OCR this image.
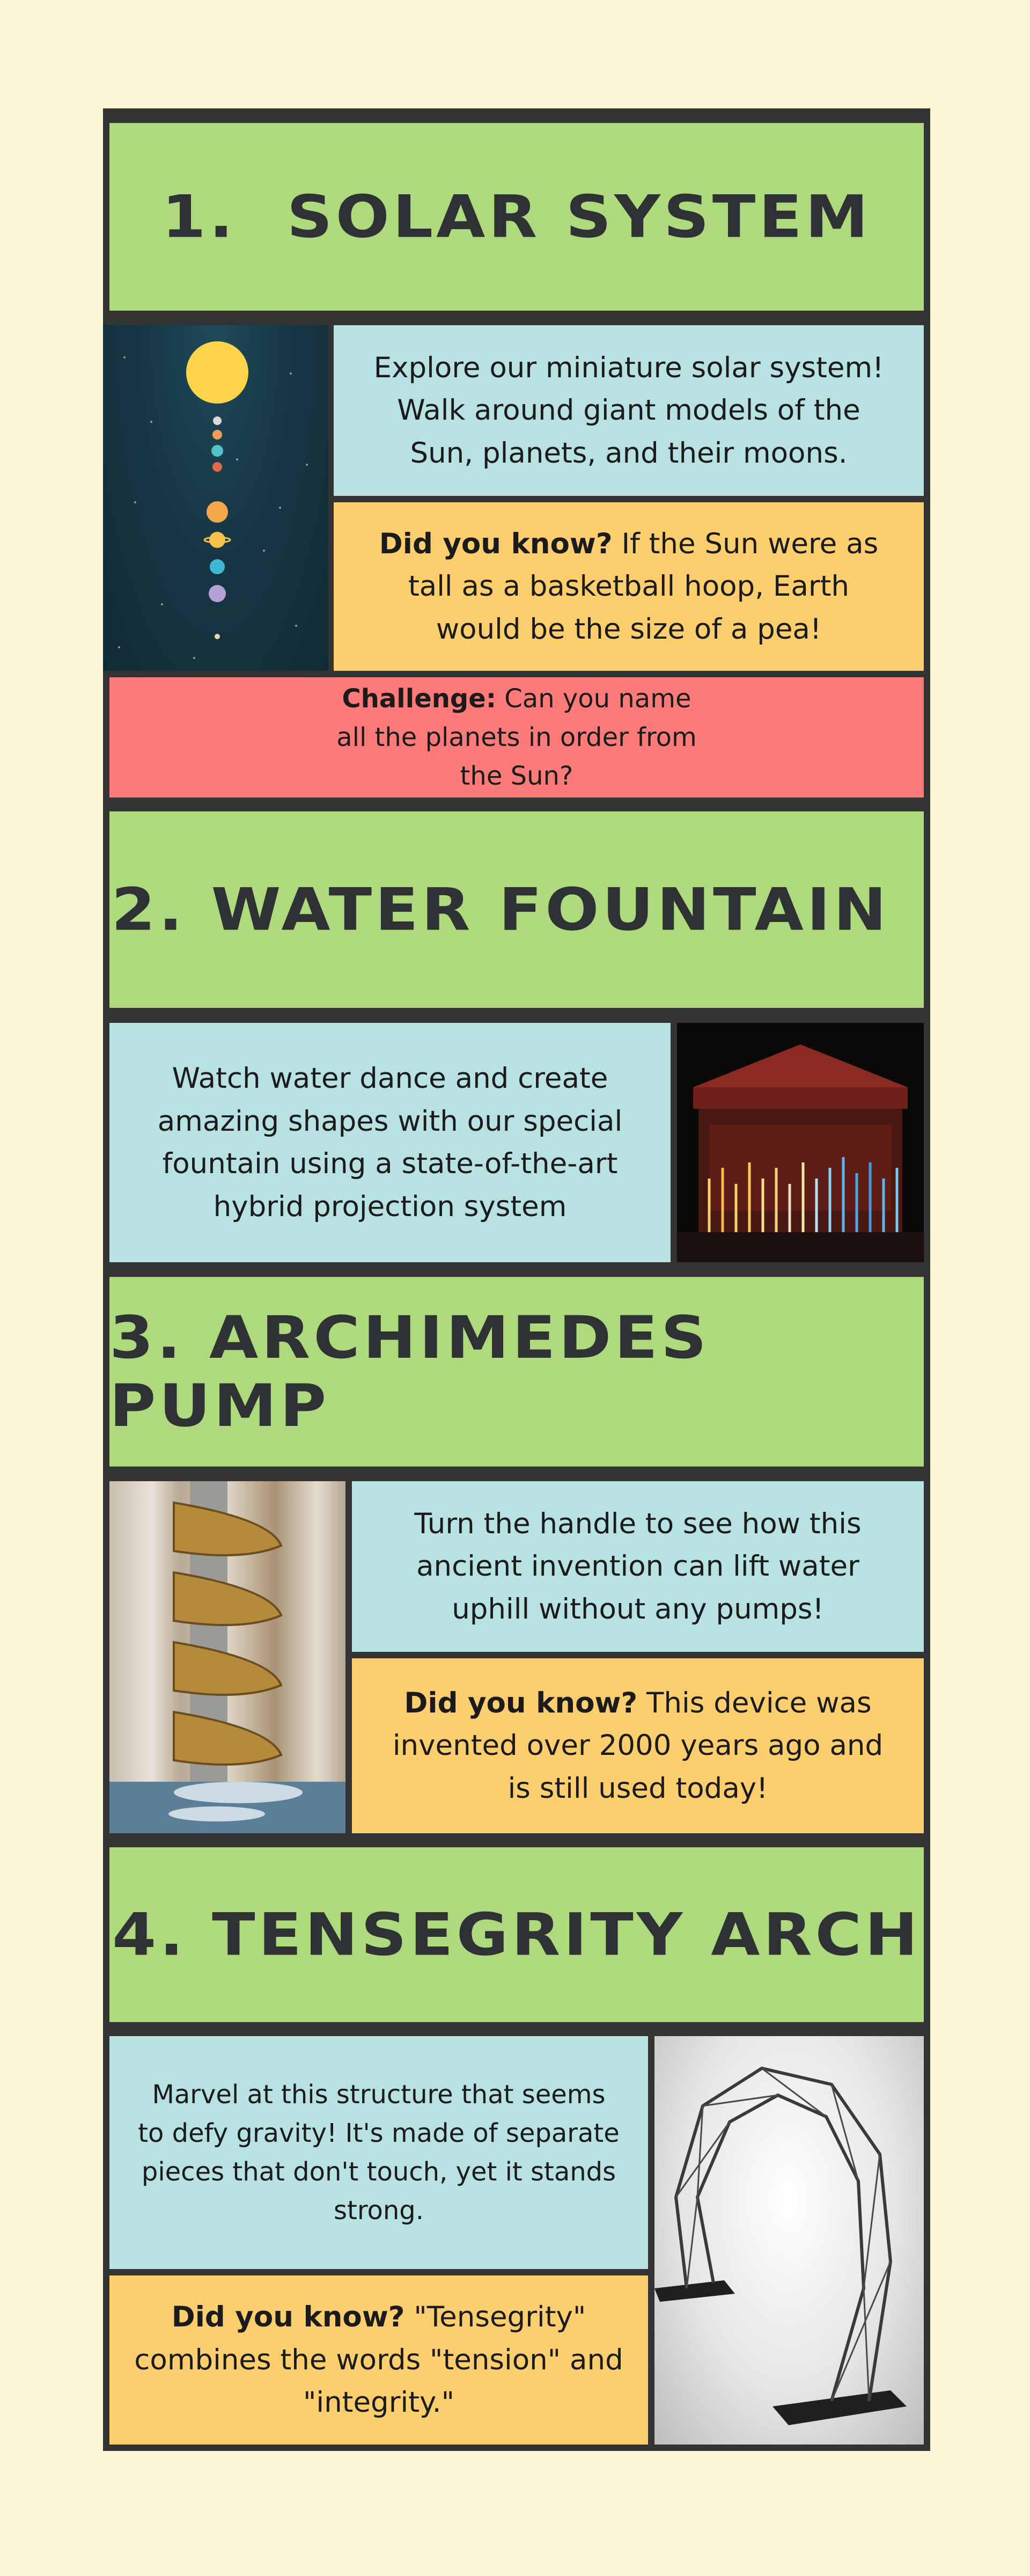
1.  SOLAR SYSTEM
Explore our miniature solar system! Walk around giant models of the Sun, planets, and their moons.
Did you know? If the Sun were as tall as a basketball hoop, Earth would be the size of a pea!
Challenge: Can you name all the planets in order from the Sun?
2. WATER FOUNTAIN
Watch water dance and create amazing shapes with our special fountain using a state-of-the-art hybrid projection system
3. ARCHIMEDES PUMP
Turn the handle to see how this ancient invention can lift water uphill without any pumps!
Did you know? This device was invented over 2000 years ago and is still used today!
4. TENSEGRITY ARCH
Marvel at this structure that seems to defy gravity! It's made of separate pieces that don't touch, yet it stands strong.
Did you know? "Tensegrity" combines the words "tension" and "integrity."
